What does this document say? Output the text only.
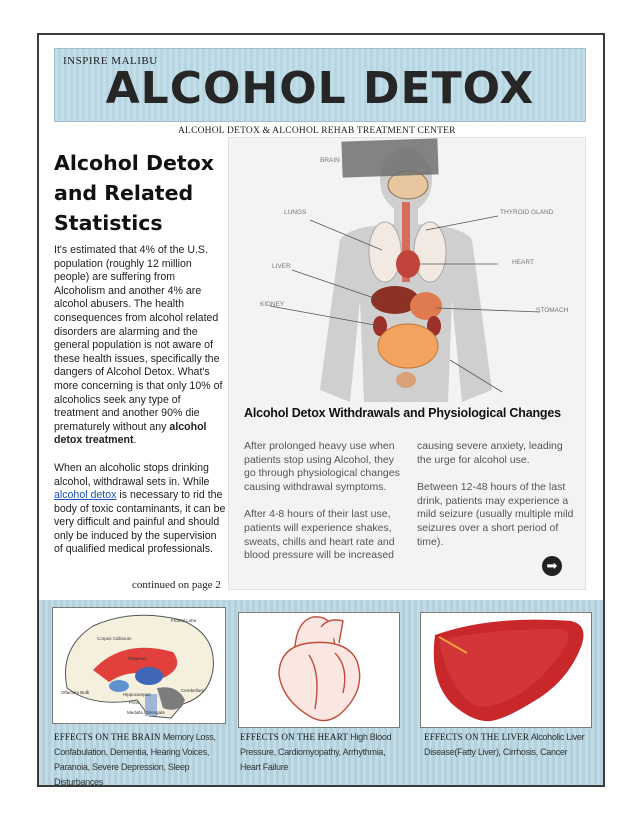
INSPIRE MALIBU
ALCOHOL DETOX
ALCOHOL DETOX & ALCOHOL REHAB TREATMENT CENTER
Alcohol Detox and Related Statistics

It's estimated that 4% of the U.S. population (roughly 12 million people) are suffering from Alcoholism and another 4% are alcohol abusers. The health consequences from alcohol related disorders are alarming and the general population is not aware of these health issues, specifically the dangers of Alcohol Detox. What's more concerning is that only 10% of alcoholics seek any type of treatment and another 90% die prematurely without any alcohol detox treatment.

When an alcoholic stops drinking alcohol, withdrawal sets in. While
alcohol detox is necessary to rid the body of toxic contaminants, it can be very difficult and painful and should only be induced by the supervision of qualified medical professionals.

continued on page 2
BRAIN
LUNGS
LIVER
KIDNEY
THYROID GLAND
HEART
STOMACH
Alcohol Detox Withdrawals and Physiological Changes

After prolonged heavy use when patients stop using Alcohol, they go through physiological changes causing withdrawal symptoms.

After 4-8 hours of their last use, patients will experience shakes, sweats, chills and heart rate and blood pressure will be increased

causing severe anxiety, leading the urge for alcohol use.

Between 12-48 hours of the last drink, patients may experience a mild seizure (usually multiple mild seizures over a short period of time).

➡
Frontal Lobe
Corpus Callosum
Thalamus
Hippocampus
Olfactory Bulb	Cerebellum
Medulla Oblongata
Pons
EFFECTS ON THE BRAIN Memory Loss, Confabulation, Dementia, Hearing Voices, Paranoia, Severe Depression, Sleep Disturbances
EFFECTS ON THE HEART High Blood Pressure, Cardiomyopathy, Arrhythmia, Heart Failure
EFFECTS ON THE LIVER Alcoholic Liver Disease(Fatty Liver), Cirrhosis, Cancer
